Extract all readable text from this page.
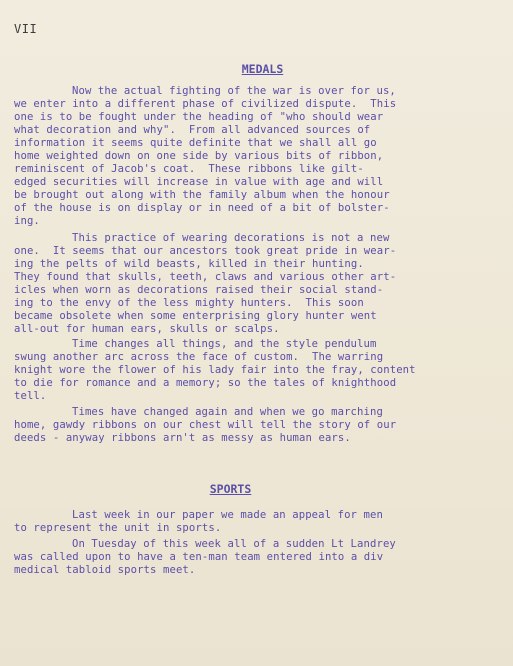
VII
MEDALS
Now the actual fighting of the war is over for us,
we enter into a different phase of civilized dispute.  This
one is to be fought under the heading of "who should wear
what decoration and why".  From all advanced sources of
information it seems quite definite that we shall all go
home weighted down on one side by various bits of ribbon,
reminiscent of Jacob's coat.  These ribbons like gilt-
edged securities will increase in value with age and will
be brought out along with the family album when the honour
of the house is on display or in need of a bit of bolster-
ing.
This practice of wearing decorations is not a new
one.  It seems that our ancestors took great pride in wear-
ing the pelts of wild beasts, killed in their hunting.
They found that skulls, teeth, claws and various other art-
icles when worn as decorations raised their social stand-
ing to the envy of the less mighty hunters.  This soon
became obsolete when some enterprising glory hunter went
all-out for human ears, skulls or scalps.
Time changes all things, and the style pendulum
swung another arc across the face of custom.  The warring
knight wore the flower of his lady fair into the fray, content
to die for romance and a memory; so the tales of knighthood
tell.
Times have changed again and when we go marching
home, gawdy ribbons on our chest will tell the story of our
deeds - anyway ribbons arn't as messy as human ears.
SPORTS
Last week in our paper we made an appeal for men
to represent the unit in sports.
On Tuesday of this week all of a sudden Lt Landrey
was called upon to have a ten-man team entered into a div
medical tabloid sports meet.
